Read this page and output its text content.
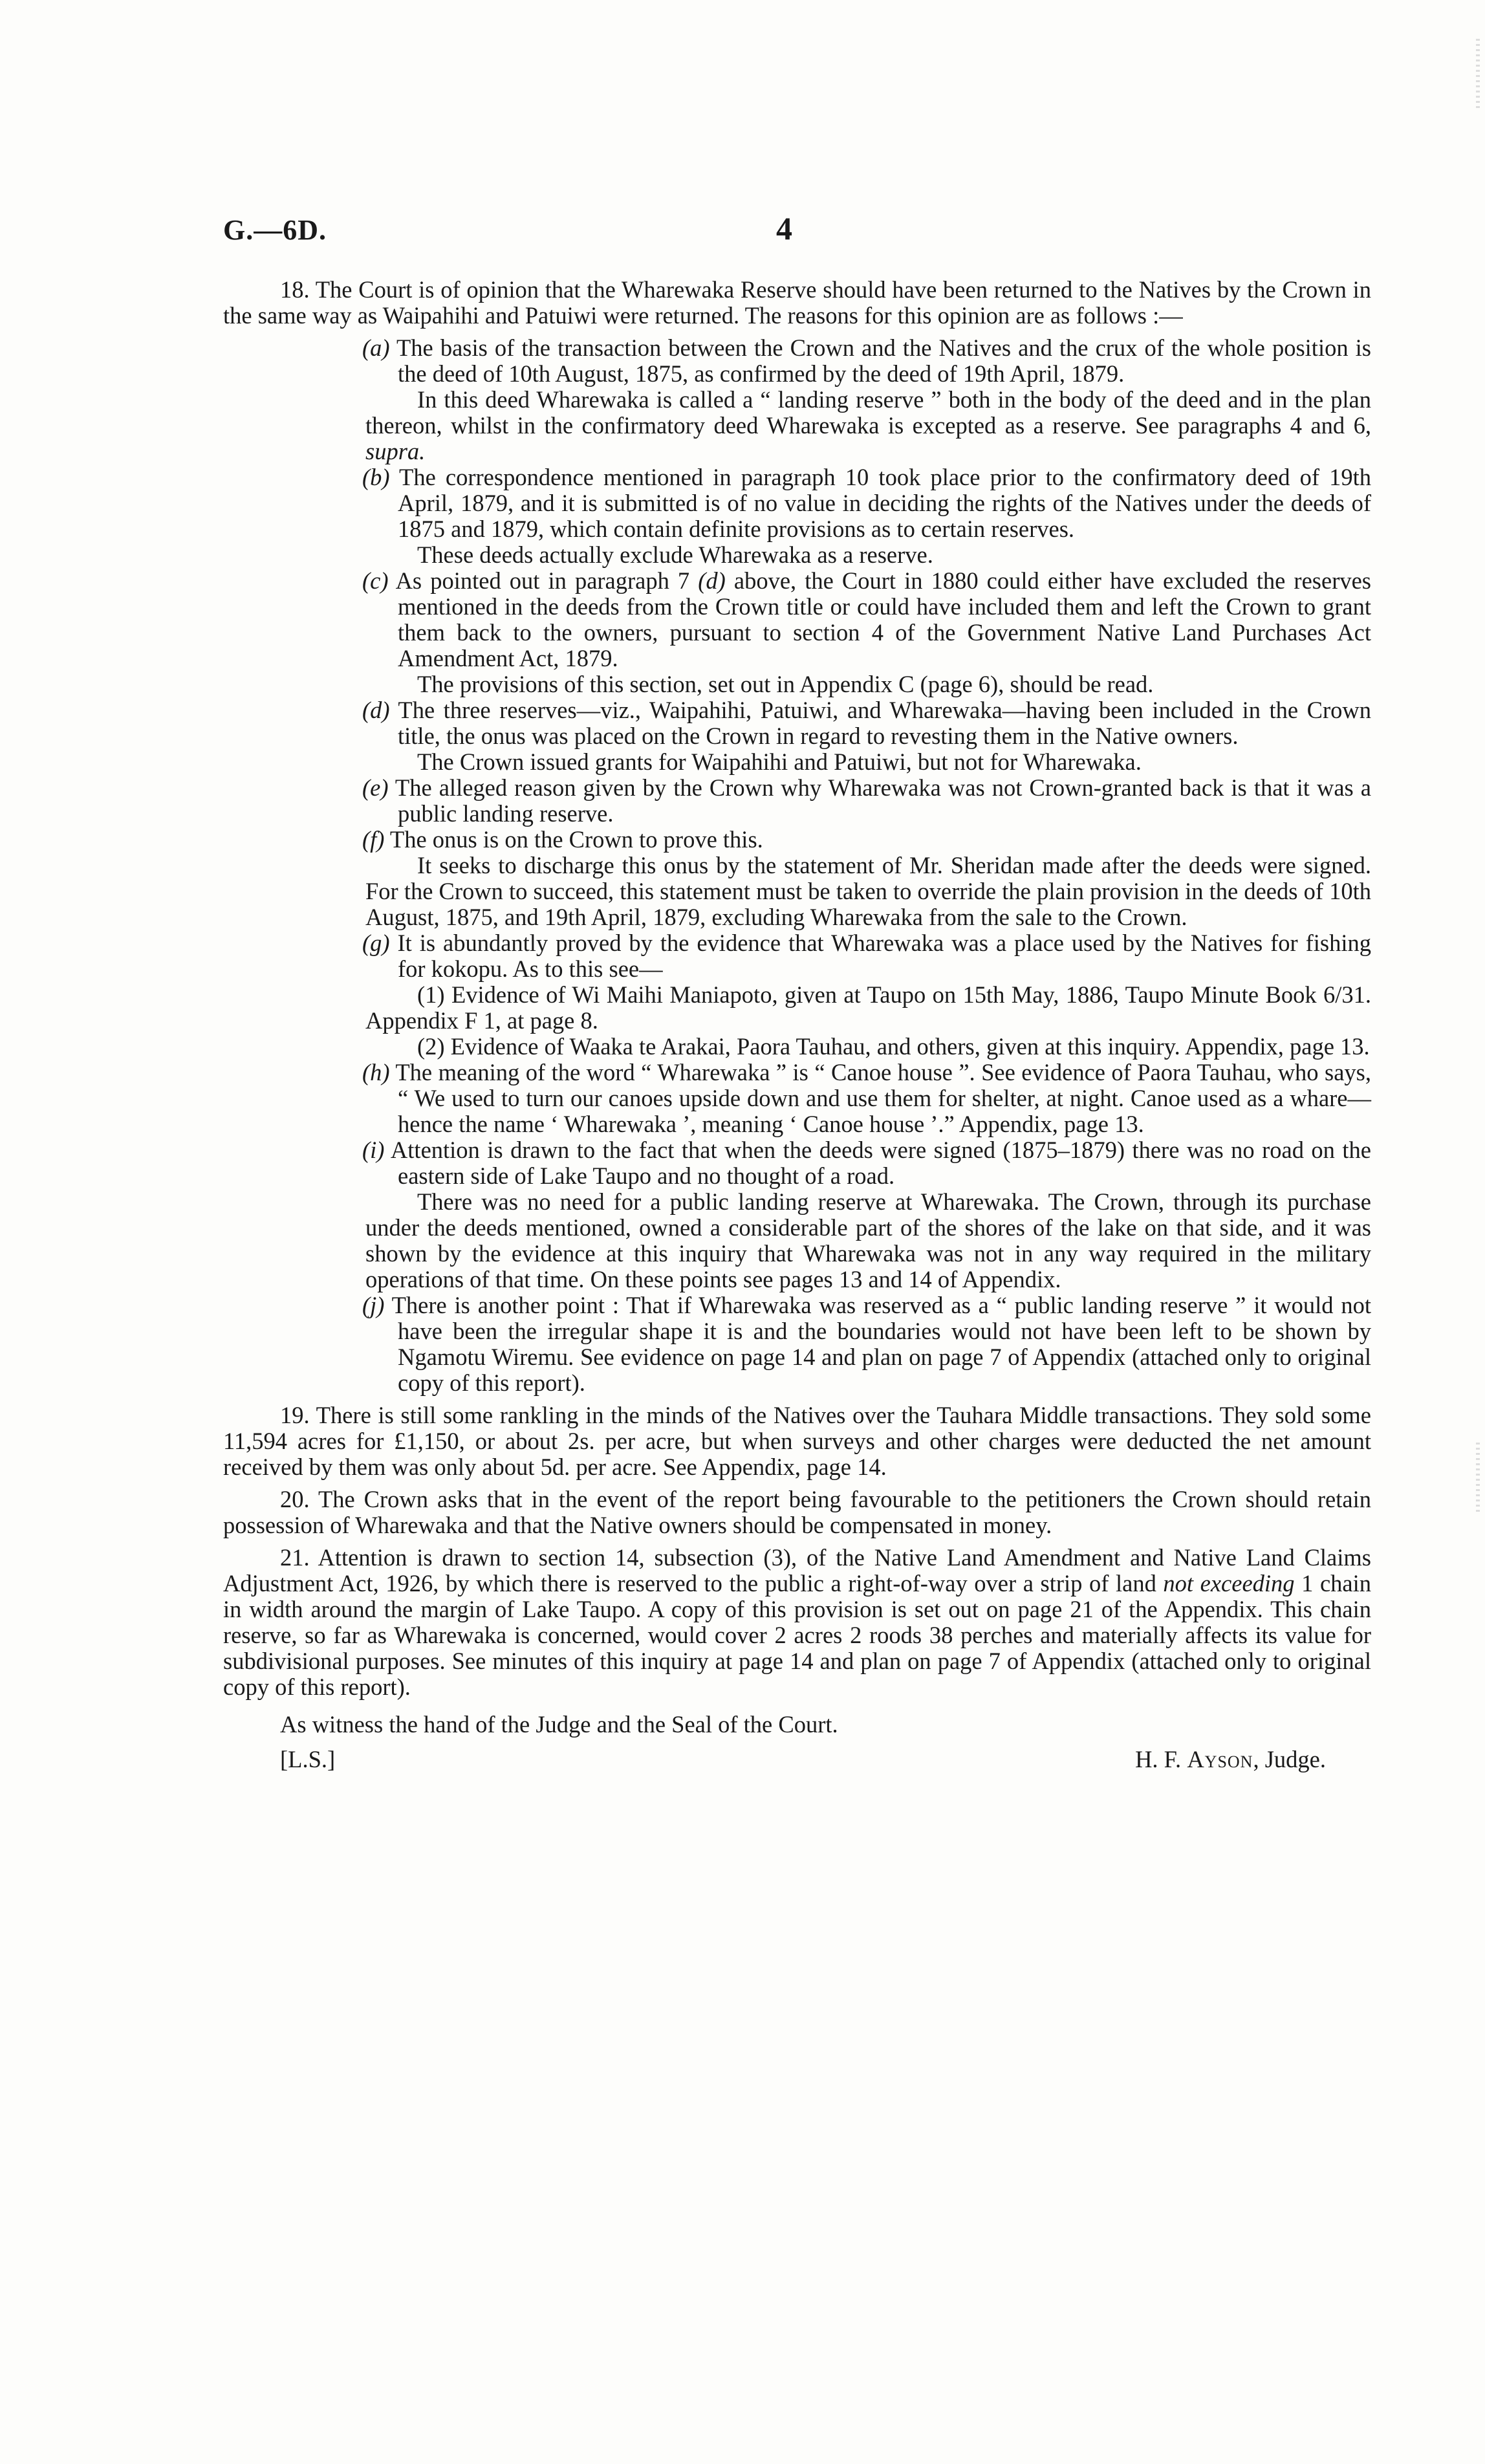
G.—6D.	4

18. The Court is of opinion that the Wharewaka Reserve should have been returned to the Natives by the Crown in the same way as Waipahihi and Patuiwi were returned. The reasons for this opinion are as follows :—

(a) The basis of the transaction between the Crown and the Natives and the crux of the whole position is the deed of 10th August, 1875, as confirmed by the deed of 19th April, 1879.

In this deed Wharewaka is called a “ landing reserve ” both in the body of the deed and in the plan thereon, whilst in the confirmatory deed Wharewaka is excepted as a reserve. See paragraphs 4 and 6, supra.

(b) The correspondence mentioned in paragraph 10 took place prior to the confirmatory deed of 19th April, 1879, and it is submitted is of no value in deciding the rights of the Natives under the deeds of 1875 and 1879, which contain definite provisions as to certain reserves.

These deeds actually exclude Wharewaka as a reserve.

(c) As pointed out in paragraph 7 (d) above, the Court in 1880 could either have excluded the reserves mentioned in the deeds from the Crown title or could have included them and left the Crown to grant them back to the owners, pursuant to section 4 of the Government Native Land Purchases Act Amendment Act, 1879.

The provisions of this section, set out in Appendix C (page 6), should be read.

(d) The three reserves—viz., Waipahihi, Patuiwi, and Wharewaka—having been included in the Crown title, the onus was placed on the Crown in regard to revesting them in the Native owners.

The Crown issued grants for Waipahihi and Patuiwi, but not for Wharewaka.

(e) The alleged reason given by the Crown why Wharewaka was not Crown-granted back is that it was a public landing reserve.

(f) The onus is on the Crown to prove this.

It seeks to discharge this onus by the statement of Mr. Sheridan made after the deeds were signed. For the Crown to succeed, this statement must be taken to override the plain provision in the deeds of 10th August, 1875, and 19th April, 1879, excluding Wharewaka from the sale to the Crown.

(g) It is abundantly proved by the evidence that Wharewaka was a place used by the Natives for fishing for kokopu. As to this see—

(1) Evidence of Wi Maihi Maniapoto, given at Taupo on 15th May, 1886, Taupo Minute Book 6/31. Appendix F 1, at page 8.

(2) Evidence of Waaka te Arakai, Paora Tauhau, and others, given at this inquiry. Appendix, page 13.

(h) The meaning of the word “ Wharewaka ” is “ Canoe house ”. See evidence of Paora Tauhau, who says, “ We used to turn our canoes upside down and use them for shelter, at night. Canoe used as a whare—hence the name ‘ Wharewaka ’, meaning ‘ Canoe house ’.” Appendix, page 13.

(i) Attention is drawn to the fact that when the deeds were signed (1875–1879) there was no road on the eastern side of Lake Taupo and no thought of a road.

There was no need for a public landing reserve at Wharewaka. The Crown, through its purchase under the deeds mentioned, owned a considerable part of the shores of the lake on that side, and it was shown by the evidence at this inquiry that Wharewaka was not in any way required in the military operations of that time. On these points see pages 13 and 14 of Appendix.

(j) There is another point : That if Wharewaka was reserved as a “ public landing reserve ” it would not have been the irregular shape it is and the boundaries would not have been left to be shown by Ngamotu Wiremu. See evidence on page 14 and plan on page 7 of Appendix (attached only to original copy of this report).

19. There is still some rankling in the minds of the Natives over the Tauhara Middle transactions. They sold some 11,594 acres for £1,150, or about 2s. per acre, but when surveys and other charges were deducted the net amount received by them was only about 5d. per acre. See Appendix, page 14.

20. The Crown asks that in the event of the report being favourable to the petitioners the Crown should retain possession of Wharewaka and that the Native owners should be compensated in money.

21. Attention is drawn to section 14, subsection (3), of the Native Land Amendment and Native Land Claims Adjustment Act, 1926, by which there is reserved to the public a right-of-way over a strip of land not exceeding 1 chain in width around the margin of Lake Taupo. A copy of this provision is set out on page 21 of the Appendix. This chain reserve, so far as Wharewaka is concerned, would cover 2 acres 2 roods 38 perches and materially affects its value for subdivisional purposes. See minutes of this inquiry at page 14 and plan on page 7 of Appendix (attached only to original copy of this report).

As witness the hand of the Judge and the Seal of the Court.

[L.S.]	H. F. Ayson, Judge.
